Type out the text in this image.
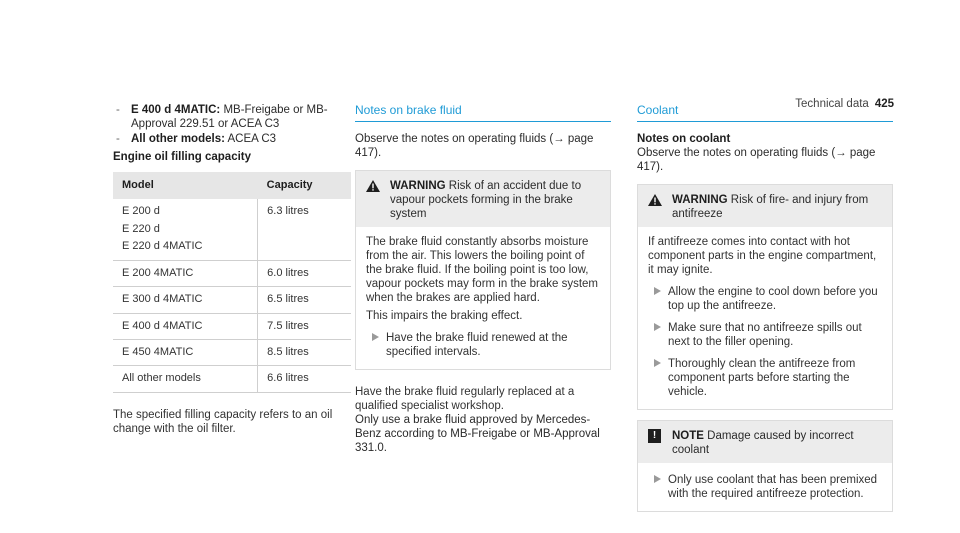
Technical data 425
- E 400 d 4MATIC: MB-Freigabe or MB-Approval 229.51 or ACEA C3
- All other models: ACEA C3
Engine oil filling capacity
Model	Capacity

E 200 d
E 220 d
E 220 d 4MATIC	6.3 litres
E 200 4MATIC	6.0 litres
E 300 d 4MATIC	6.5 litres
E 400 d 4MATIC	7.5 litres
E 450 4MATIC	8.5 litres
All other models	6.6 litres

The specified filling capacity refers to an oil change with the oil filter.

Notes on brake fluid

Observe the notes on operating fluids (→ page 417).

WARNING Risk of an accident due to vapour pockets forming in the brake system

The brake fluid constantly absorbs moisture from the air. This lowers the boiling point of the brake fluid. If the boiling point is too low, vapour pockets may form in the brake system when the brakes are applied hard.

This impairs the braking effect.

Have the brake fluid renewed at the specified intervals.

Have the brake fluid regularly replaced at a qualified specialist workshop.

Only use a brake fluid approved by Mercedes-Benz according to MB-Freigabe or MB-Approval 331.0.

Coolant
Notes on coolant

Observe the notes on operating fluids (→ page 417).

WARNING Risk of fire- and injury from antifreeze

If antifreeze comes into contact with hot component parts in the engine compartment, it may ignite.

Allow the engine to cool down before you top up the antifreeze.
Make sure that no antifreeze spills out next to the filler opening.
Thoroughly clean the antifreeze from component parts before starting the vehicle.
!	NOTE Damage caused by incorrect coolant
Only use coolant that has been premixed with the required antifreeze protection.
